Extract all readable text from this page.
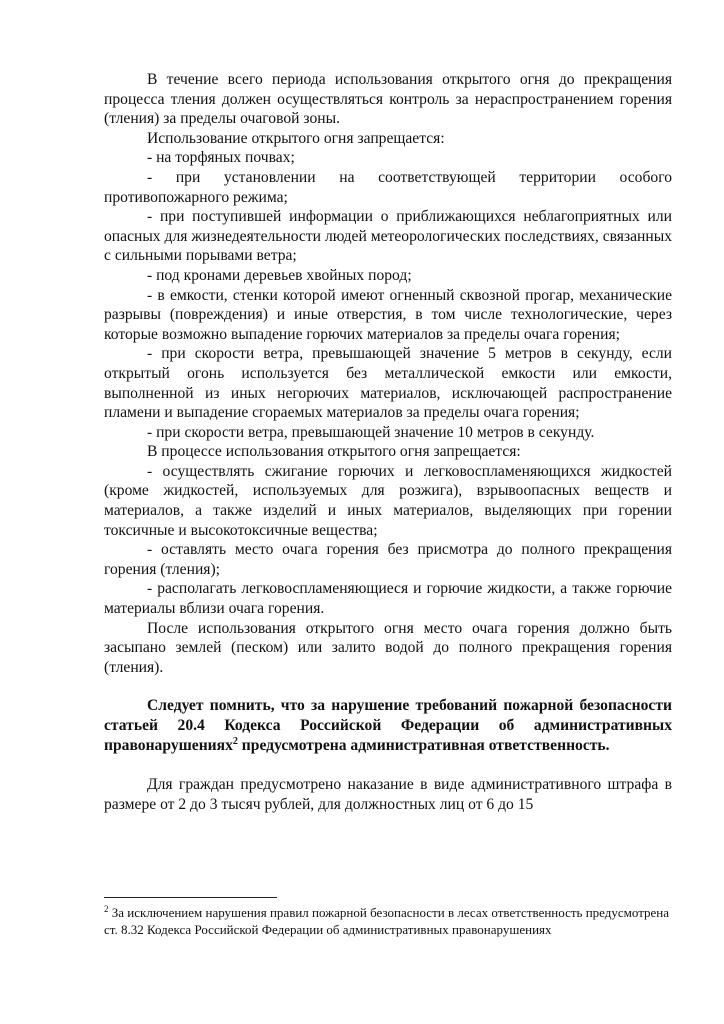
В течение всего периода использования открытого огня до прекращения процесса тления должен осуществляться контроль за нераспространением горения (тления) за пределы очаговой зоны.

Использование открытого огня запрещается:

- на торфяных почвах;

- при установлении на соответствующей территории особого противопожарного режима;

- при поступившей информации о приближающихся неблагоприятных или опасных для жизнедеятельности людей метеорологических последствиях, связанных с сильными порывами ветра;

- под кронами деревьев хвойных пород;

- в емкости, стенки которой имеют огненный сквозной прогар, механические разрывы (повреждения) и иные отверстия, в том числе технологические, через которые возможно выпадение горючих материалов за пределы очага горения;

- при скорости ветра, превышающей значение 5 метров в секунду, если открытый огонь используется без металлической емкости или емкости, выполненной из иных негорючих материалов, исключающей распространение пламени и выпадение сгораемых материалов за пределы очага горения;

- при скорости ветра, превышающей значение 10 метров в секунду.

В процессе использования открытого огня запрещается:

- осуществлять сжигание горючих и легковоспламеняющихся жидкостей (кроме жидкостей, используемых для розжига), взрывоопасных веществ и материалов, а также изделий и иных материалов, выделяющих при горении токсичные и высокотоксичные вещества;

- оставлять место очага горения без присмотра до полного прекращения горения (тления);

- располагать легковоспламеняющиеся и горючие жидкости, а также горючие материалы вблизи очага горения.

После использования открытого огня место очага горения должно быть засыпано землей (песком) или залито водой до полного прекращения горения (тления).

Следует помнить, что за нарушение требований пожарной безопасности статьей 20.4 Кодекса Российской Федерации об административных правонарушениях$^2$ предусмотрена административная ответственность.

Для граждан предусмотрено наказание в виде административного штрафа в размере от 2 до 3 тысяч рублей, для должностных лиц от 6 до 15

$^2$ За исключением нарушения правил пожарной безопасности в лесах ответственность предусмотрена ст. 8.32 Кодекса Российской Федерации об административных правонарушениях
